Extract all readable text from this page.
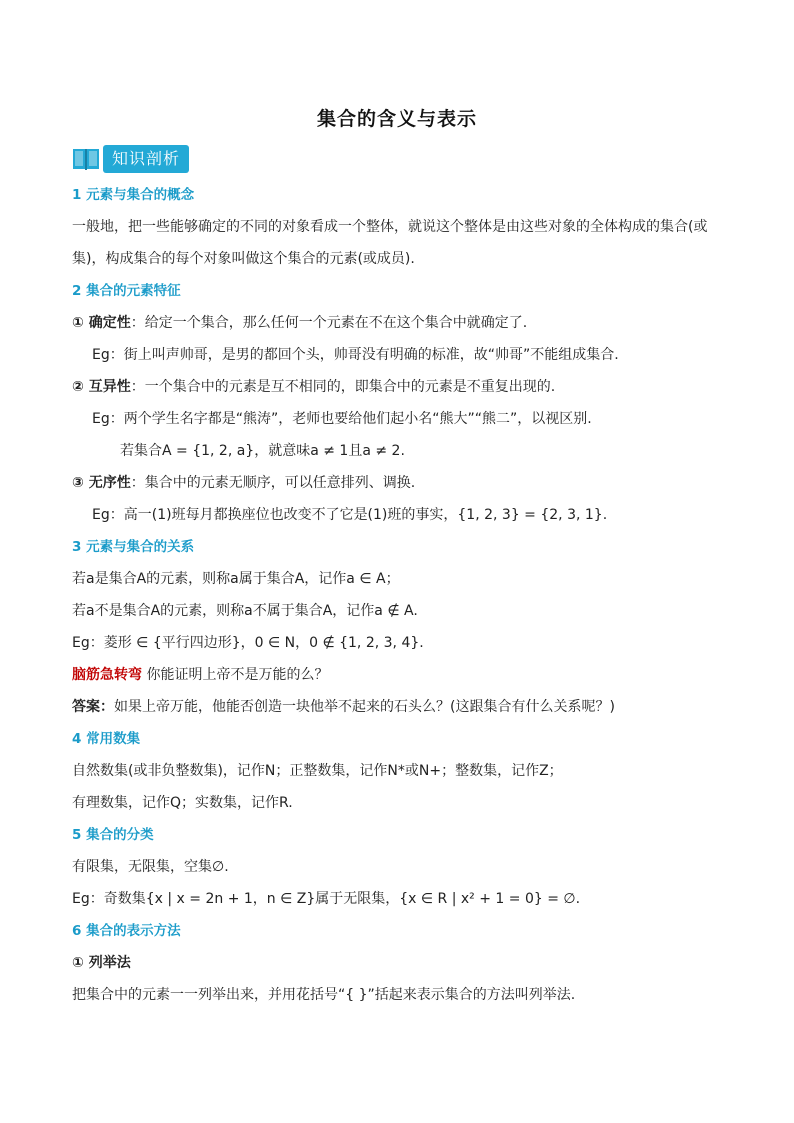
集合的含义与表示
知识剖析
1 元素与集合的概念
一般地，把一些能够确定的不同的对象看成一个整体，就说这个整体是由这些对象的全体构成的集合(或
集)，构成集合的每个对象叫做这个集合的元素(或成员).
2 集合的元素特征
① 确定性：给定一个集合，那么任何一个元素在不在这个集合中就确定了.
Eg：街上叫声帅哥，是男的都回个头，帅哥没有明确的标准，故“帅哥”不能组成集合.
② 互异性：一个集合中的元素是互不相同的，即集合中的元素是不重复出现的.
Eg：两个学生名字都是“熊涛”，老师也要给他们起小名“熊大”“熊二”，以视区别.
若集合A = {1, 2, a}，就意味a ≠ 1且a ≠ 2.
③ 无序性：集合中的元素无顺序，可以任意排列、调换.
Eg：高一(1)班每月都换座位也改变不了它是(1)班的事实，{1, 2, 3} = {2, 3, 1}.
3 元素与集合的关系
若a是集合A的元素，则称a属于集合A，记作a ∈ A；
若a不是集合A的元素，则称a不属于集合A，记作a ∉ A.
Eg：菱形 ∈ {平行四边形}，0 ∈ N，0 ∉ {1, 2, 3, 4}.
脑筋急转弯 你能证明上帝不是万能的么？
答案：如果上帝万能，他能否创造一块他举不起来的石头么？(这跟集合有什么关系呢？)
4 常用数集
自然数集(或非负整数集)，记作N；正整数集，记作N*或N+；整数集，记作Z；
有理数集，记作Q；实数集，记作R.
5 集合的分类
有限集，无限集，空集∅.
Eg：奇数集{x | x = 2n + 1，n ∈ Z}属于无限集，{x ∈ R | x² + 1 = 0} = ∅.
6 集合的表示方法
① 列举法
把集合中的元素一一列举出来，并用花括号“{ }”括起来表示集合的方法叫列举法.
